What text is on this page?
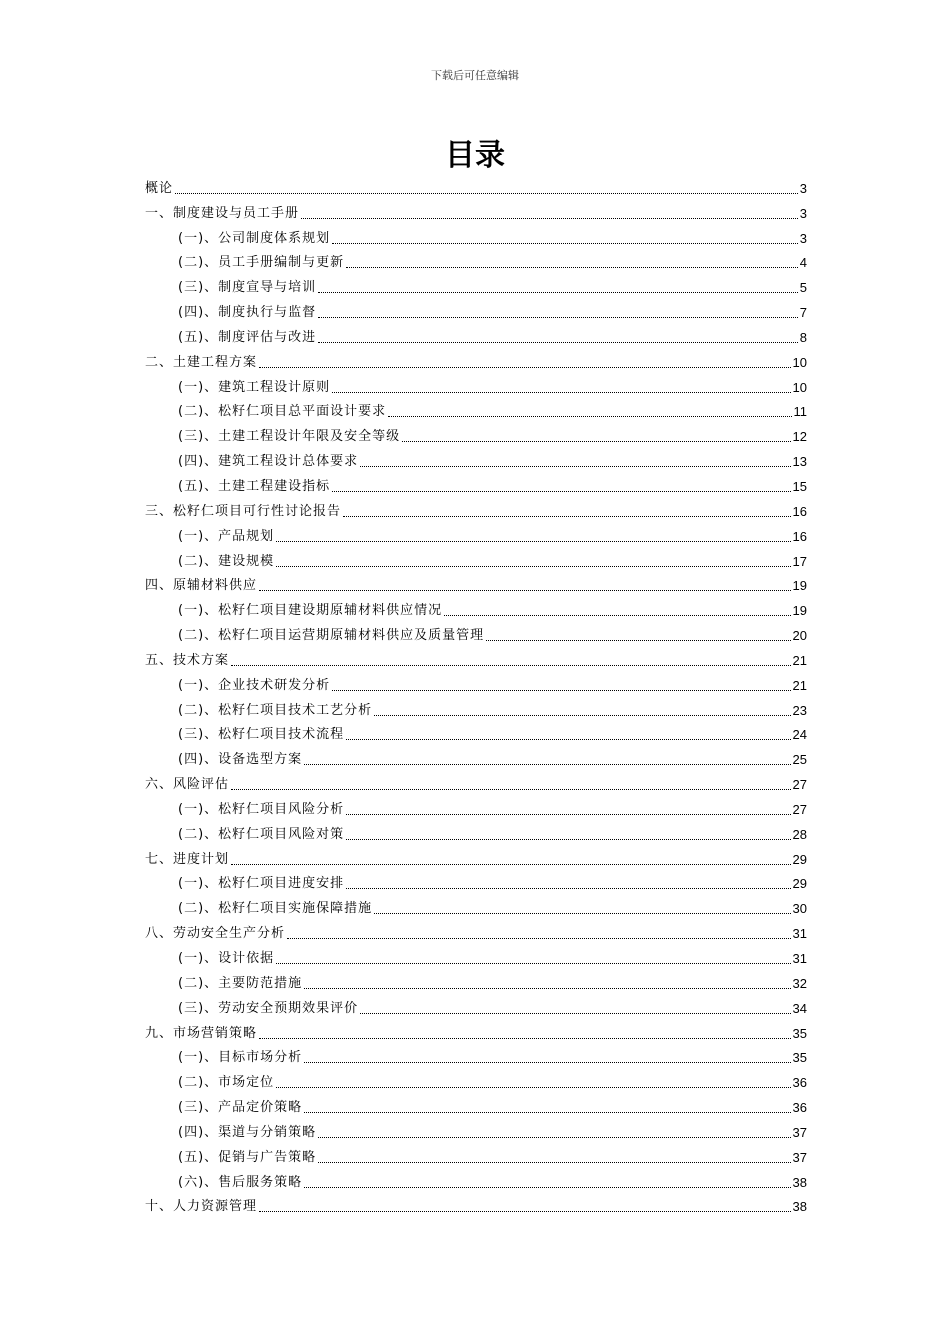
下载后可任意编辑
目录
概论	3
一、制度建设与员工手册	3
(一)、公司制度体系规划	3
(二)、员工手册编制与更新	4
(三)、制度宣导与培训	5
(四)、制度执行与监督	7
(五)、制度评估与改进	8
二、土建工程方案	10
(一)、建筑工程设计原则	10
(二)、松籽仁项目总平面设计要求	11
(三)、土建工程设计年限及安全等级	12
(四)、建筑工程设计总体要求	13
(五)、土建工程建设指标	15
三、松籽仁项目可行性讨论报告	16
(一)、产品规划	16
(二)、建设规模	17
四、原辅材料供应	19
(一)、松籽仁项目建设期原辅材料供应情况	19
(二)、松籽仁项目运营期原辅材料供应及质量管理	20
五、技术方案	21
(一)、企业技术研发分析	21
(二)、松籽仁项目技术工艺分析	23
(三)、松籽仁项目技术流程	24
(四)、设备选型方案	25
六、风险评估	27
(一)、松籽仁项目风险分析	27
(二)、松籽仁项目风险对策	28
七、进度计划	29
(一)、松籽仁项目进度安排	29
(二)、松籽仁项目实施保障措施	30
八、劳动安全生产分析	31
(一)、设计依据	31
(二)、主要防范措施	32
(三)、劳动安全预期效果评价	34
九、市场营销策略	35
(一)、目标市场分析	35
(二)、市场定位	36
(三)、产品定价策略	36
(四)、渠道与分销策略	37
(五)、促销与广告策略	37
(六)、售后服务策略	38
十、人力资源管理	38
